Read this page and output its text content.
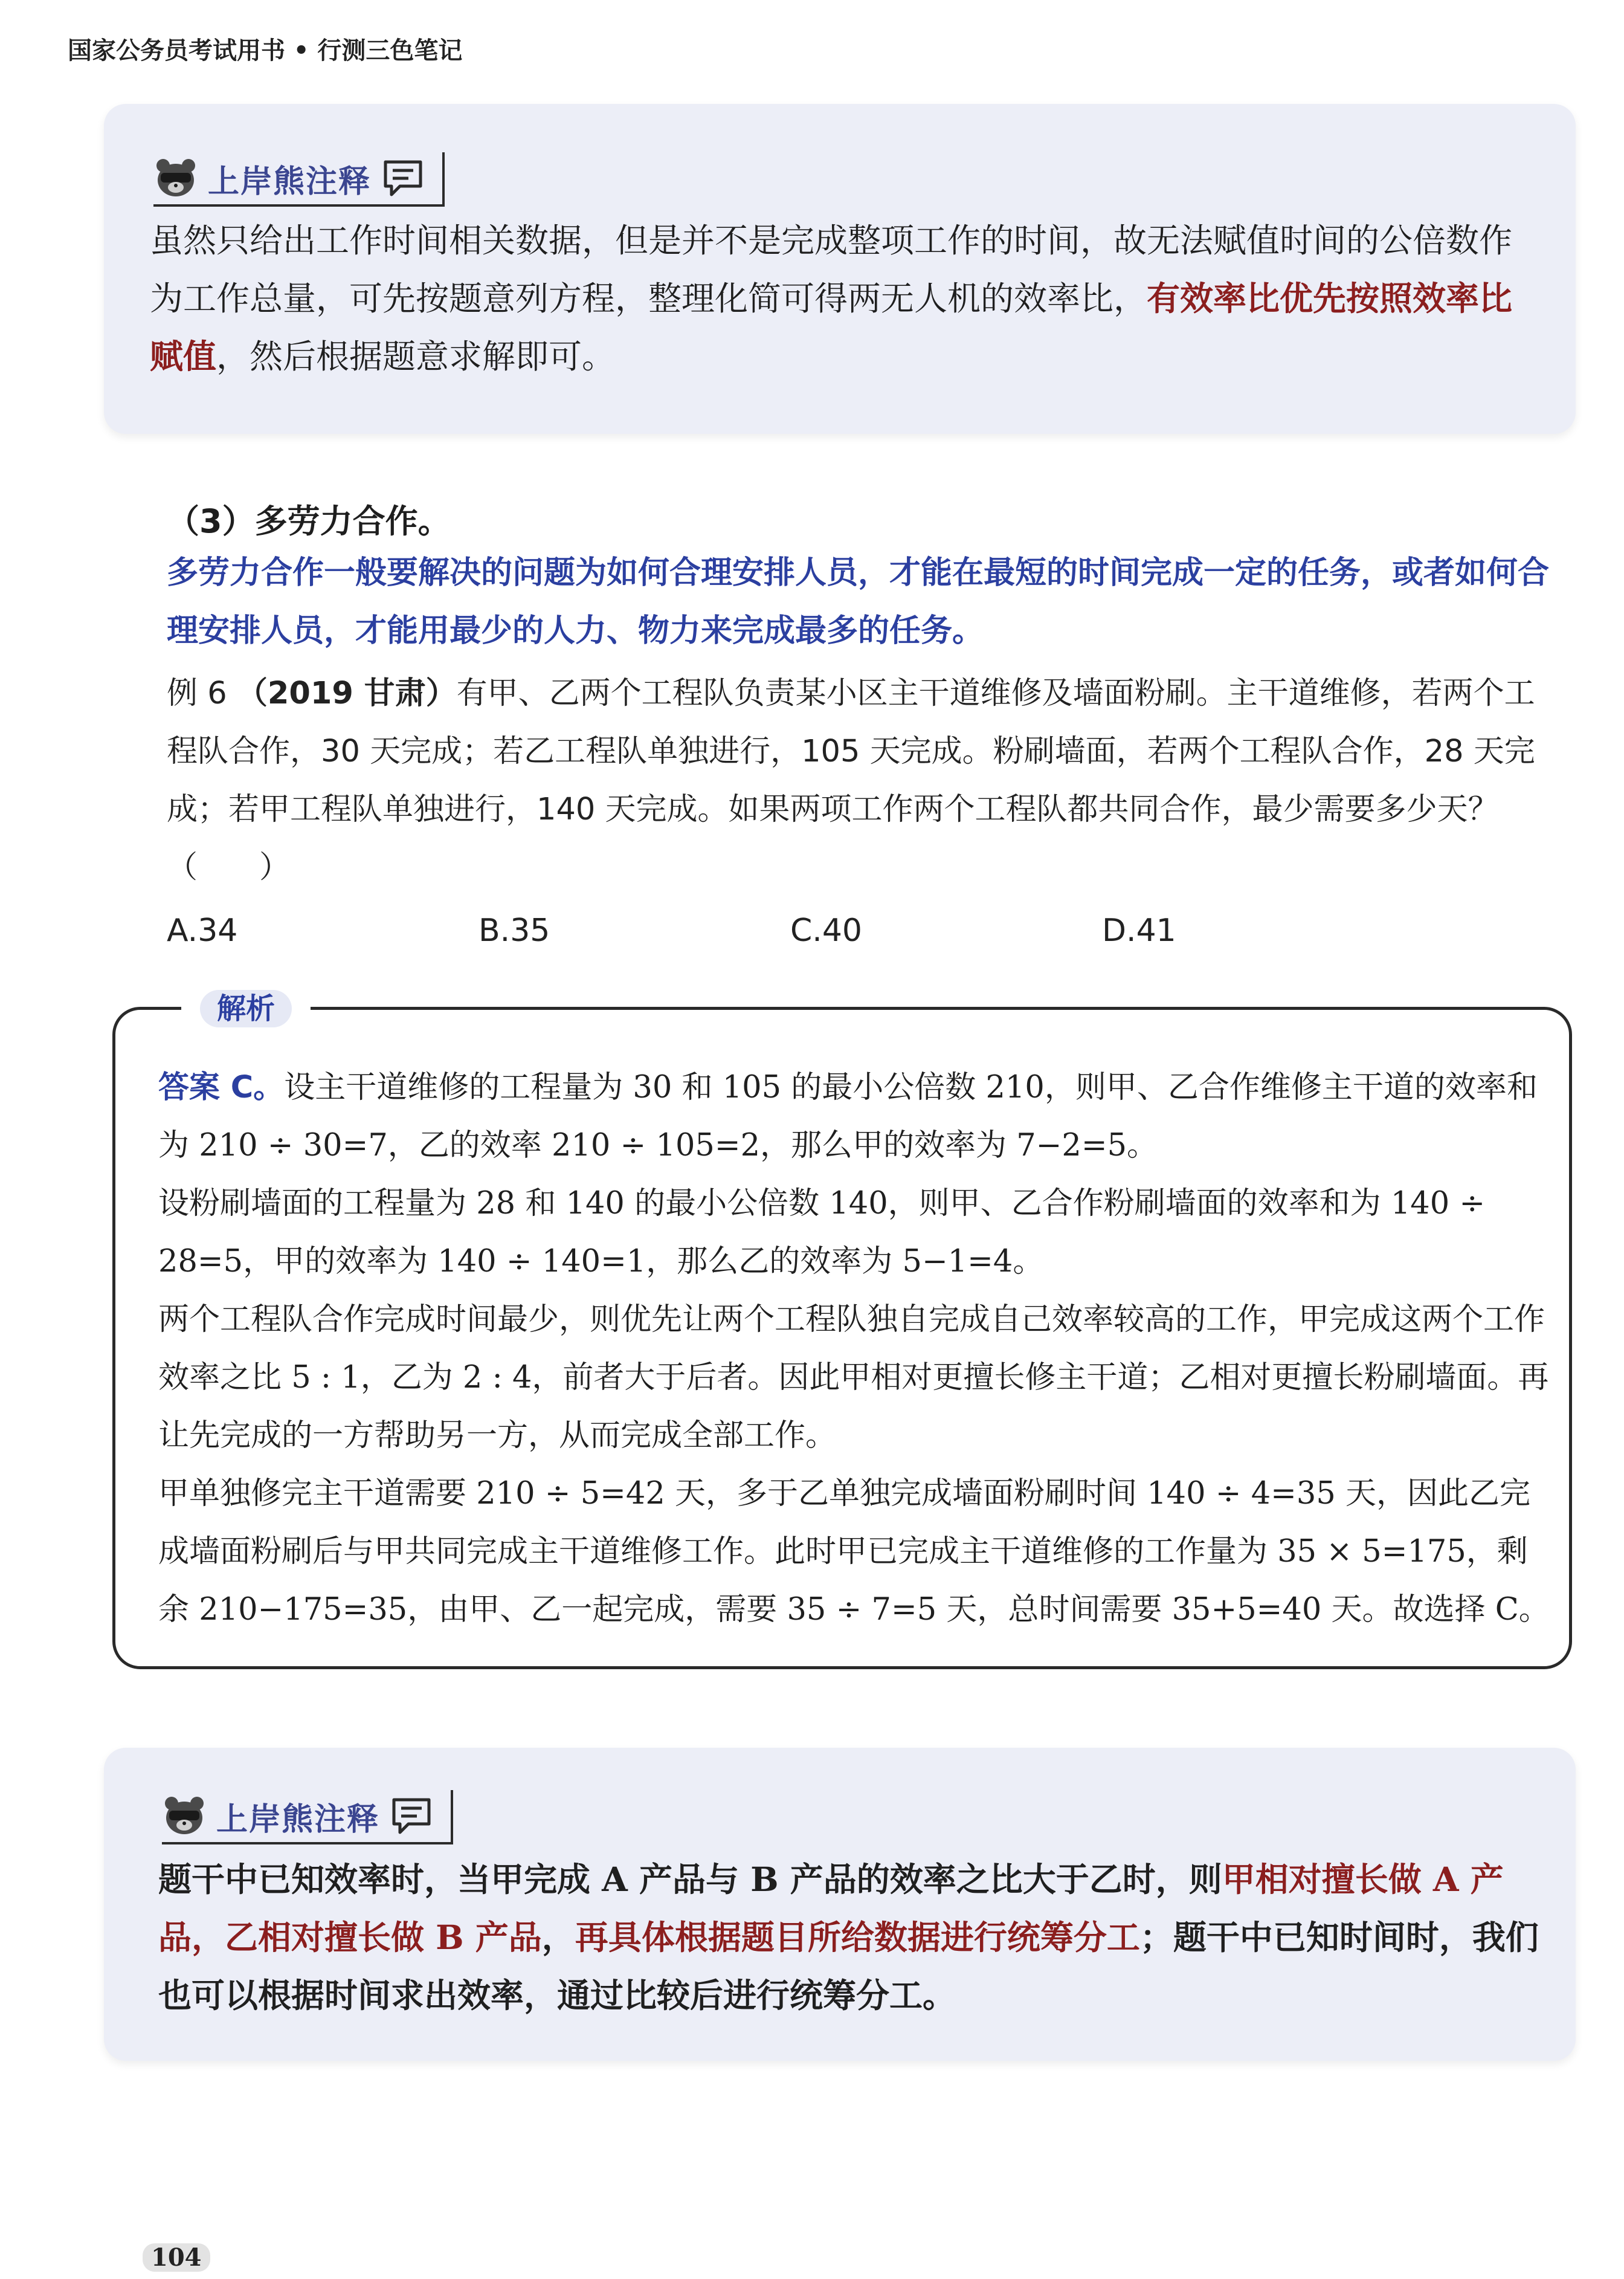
国家公务员考试用书 • 行测三色笔记
上岸熊注释
虽然只给出工作时间相关数据，但是并不是完成整项工作的时间，故无法赋值时间的公倍数作为工作总量，可先按题意列方程，整理化简可得两无人机的效率比，有效率比优先按照效率比赋值，然后根据题意求解即可。
（3）多劳力合作。
多劳力合作一般要解决的问题为如何合理安排人员，才能在最短的时间完成一定的任务，或者如何合理安排人员，才能用最少的人力、物力来完成最多的任务。
例 6 （2019 甘肃）有甲、乙两个工程队负责某小区主干道维修及墙面粉刷。主干道维修，若两个工程队合作，30 天完成；若乙工程队单独进行，105 天完成。粉刷墙面，若两个工程队合作，28 天完成；若甲工程队单独进行，140 天完成。如果两项工作两个工程队都共同合作，最少需要多少天？（　　）
A.34	B.35	C.40	D.41
解析

答案 C。设主干道维修的工程量为 30 和 105 的最小公倍数 210，则甲、乙合作维修主干道的效率和为 210 ÷ 30=7，乙的效率 210 ÷ 105=2，那么甲的效率为 7−2=5。

设粉刷墙面的工程量为 28 和 140 的最小公倍数 140，则甲、乙合作粉刷墙面的效率和为 140 ÷ 28=5，甲的效率为 140 ÷ 140=1，那么乙的效率为 5−1=4。

两个工程队合作完成时间最少，则优先让两个工程队独自完成自己效率较高的工作，甲完成这两个工作效率之比 5 : 1，乙为 2 : 4，前者大于后者。因此甲相对更擅长修主干道；乙相对更擅长粉刷墙面。再让先完成的一方帮助另一方，从而完成全部工作。

甲单独修完主干道需要 210 ÷ 5=42 天，多于乙单独完成墙面粉刷时间 140 ÷ 4=35 天，因此乙完成墙面粉刷后与甲共同完成主干道维修工作。此时甲已完成主干道维修的工作量为 35 × 5=175，剩余 210−175=35，由甲、乙一起完成，需要 35 ÷ 7=5 天，总时间需要 35+5=40 天。故选择 C。

上岸熊注释
题干中已知效率时，当甲完成 A 产品与 B 产品的效率之比大于乙时，则甲相对擅长做 A 产品，乙相对擅长做 B 产品，再具体根据题目所给数据进行统筹分工；题干中已知时间时，我们也可以根据时间求出效率，通过比较后进行统筹分工。
104
